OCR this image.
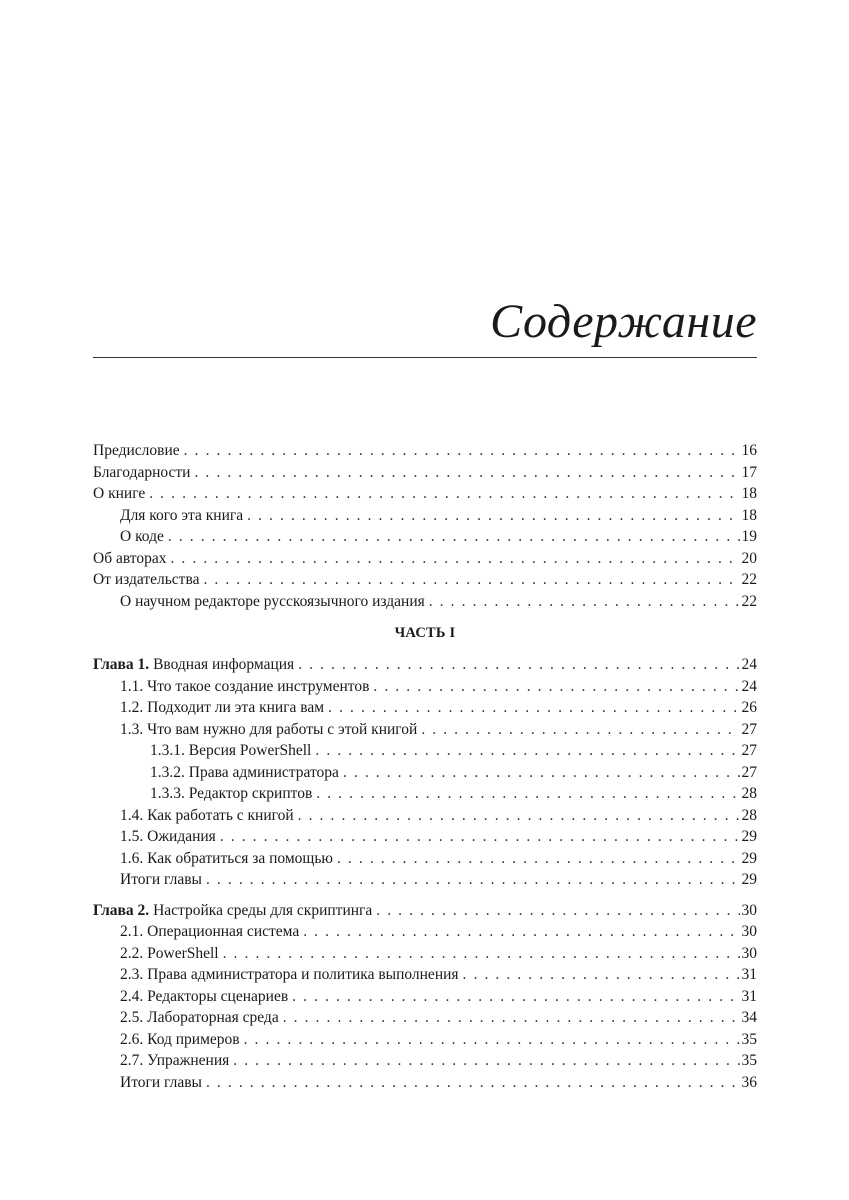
Содержание
Предисловие . . .	16
Благодарности . . .	17
О книге . . .	18
Для кого эта книга . . .	18
О коде . . .	19
Об авторах . . .	20
От издательства . . .	22
О научном редакторе русскоязычного издания . . .	22
ЧАСТЬ I
Глава 1. Вводная информация . . .	24
1.1. Что такое создание инструментов . . .	24
1.2. Подходит ли эта книга вам . . .	26
1.3. Что вам нужно для работы с этой книгой . . .	27
1.3.1. Версия PowerShell . . .	27
1.3.2. Права администратора . . .	27
1.3.3. Редактор скриптов . . .	28
1.4. Как работать с книгой . . .	28
1.5. Ожидания . . .	29
1.6. Как обратиться за помощью . . .	29
Итоги главы . . .	29
Глава 2. Настройка среды для скриптинга . . .	30
2.1. Операционная система . . .	30
2.2. PowerShell . . .	30
2.3. Права администратора и политика выполнения . . .	31
2.4. Редакторы сценариев . . .	31
2.5. Лабораторная среда . . .	34
2.6. Код примеров . . .	35
2.7. Упражнения . . .	35
Итоги главы . . .	36
